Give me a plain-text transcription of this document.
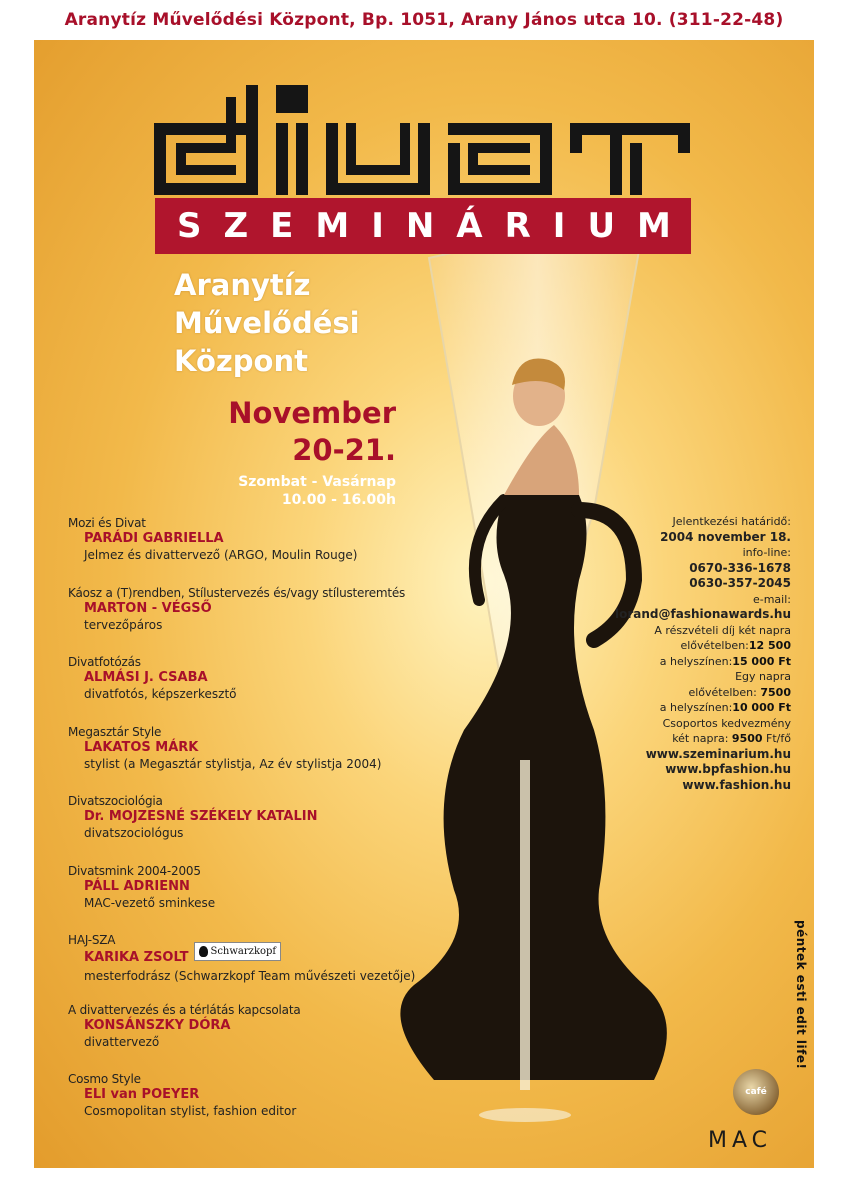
Aranytíz Művelődési Központ, Bp. 1051, Arany János utca 10. (311-22-48)
SZEMINÁRIUM
Aranytíz
Művelődési
Központ
November
20-21.
Szombat - Vasárnap
10.00 - 16.00h
Mozi és Divat
PARÁDI GABRIELLA
Jelmez és divattervező (ARGO, Moulin Rouge)
Káosz a (T)rendben, Stílustervezés és/vagy stílusteremtés
MARTON - VÉGSŐ
tervezőpáros
Divatfotózás
ALMÁSI J. CSABA
divatfotós, képszerkesztő
Megasztár Style
LAKATOS MÁRK
stylist (a Megasztár stylistja, Az év stylistja 2004)
Divatszociológia
Dr. MOJZESNÉ SZÉKELY KATALIN
divatszociológus
Divatsmink 2004-2005
PÁLL ADRIENN
MAC-vezető sminkese
HAJ-SZA
KARIKA ZSOLT Schwarzkopf
mesterfodrász (Schwarzkopf Team művészeti vezetője)
A divattervezés és a térlátás kapcsolata
KONSÁNSZKY DÓRA
divattervező
Cosmo Style
ELI van POEYER
Cosmopolitan stylist, fashion editor
Jelentkezési határidő:
2004 november 18.
info-line:
0670-336-1678
0630-357-2045
e-mail:
lorand@fashionawards.hu
A részvételi díj két napra
elővételben:12 500
a helyszínen:15 000 Ft
Egy napra
elővételben: 7500
a helyszínen:10 000 Ft
Csoportos kedvezmény
két napra: 9500 Ft/fő
www.szeminarium.hu
www.bpfashion.hu
www.fashion.hu
péntek esti edit life!
café
MAC
